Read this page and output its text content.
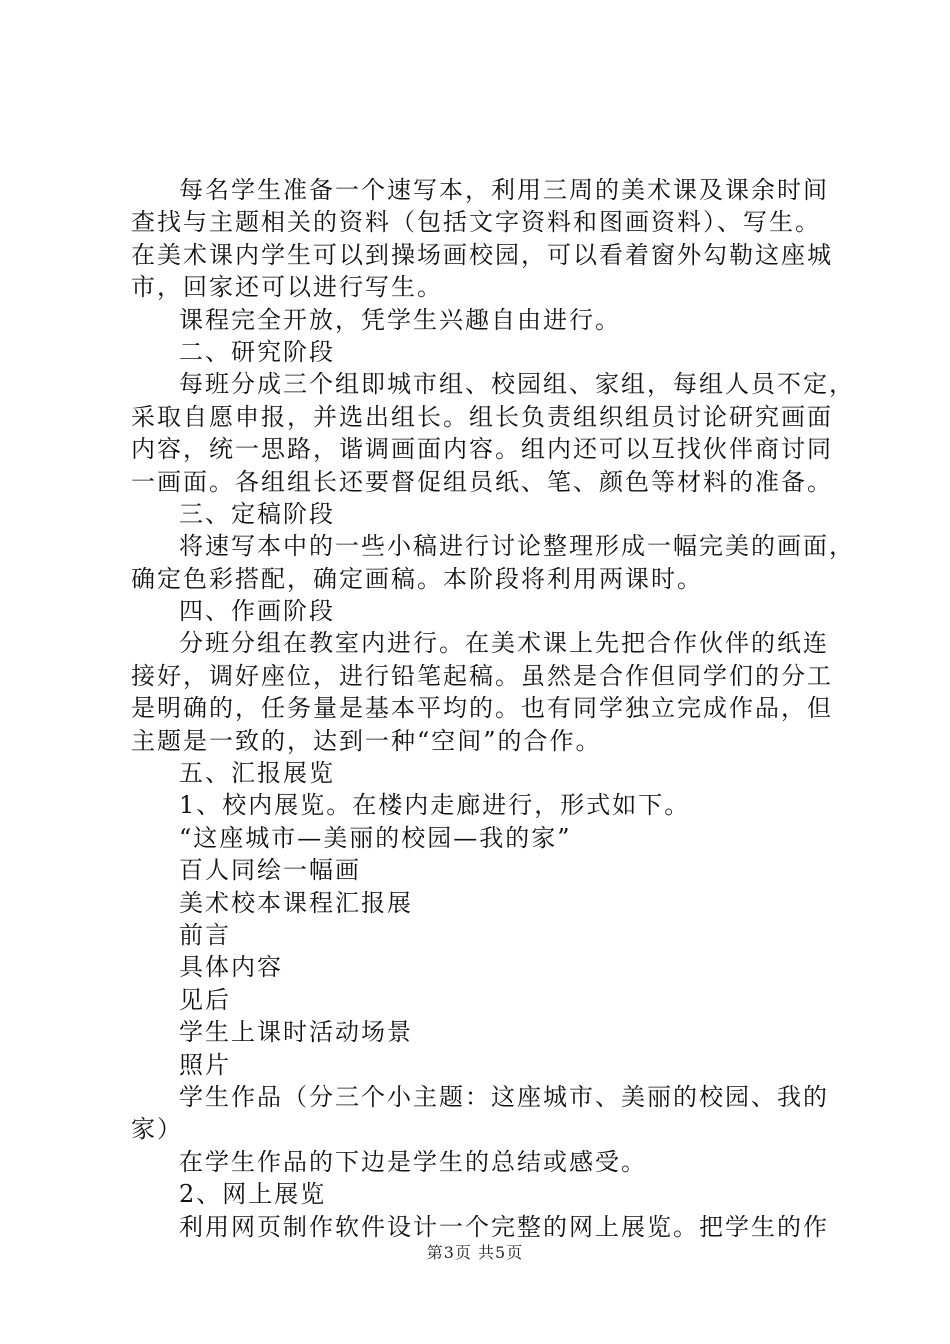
每名学生准备一个速写本，利用三周的美术课及课余时间
查找与主题相关的资料（包括文字资料和图画资料）、写生。
在美术课内学生可以到操场画校园，可以看着窗外勾勒这座城
市，回家还可以进行写生。
课程完全开放，凭学生兴趣自由进行。
二、研究阶段
每班分成三个组即城市组、校园组、家组，每组人员不定，
采取自愿申报，并选出组长。组长负责组织组员讨论研究画面
内容，统一思路，谐调画面内容。组内还可以互找伙伴商讨同
一画面。各组组长还要督促组员纸、笔、颜色等材料的准备。
三、定稿阶段
将速写本中的一些小稿进行讨论整理形成一幅完美的画面，
确定色彩搭配，确定画稿。本阶段将利用两课时。
四、作画阶段
分班分组在教室内进行。在美术课上先把合作伙伴的纸连
接好，调好座位，进行铅笔起稿。虽然是合作但同学们的分工
是明确的，任务量是基本平均的。也有同学独立完成作品，但
主题是一致的，达到一种“空间”的合作。
五、汇报展览
1、校内展览。在楼内走廊进行，形式如下。
“这座城市—美丽的校园—我的家”
百人同绘一幅画
美术校本课程汇报展
前言
具体内容
见后
学生上课时活动场景
照片
学生作品（分三个小主题：这座城市、美丽的校园、我的
家）
在学生作品的下边是学生的总结或感受。
2、网上展览
利用网页制作软件设计一个完整的网上展览。把学生的作
第3页 共5页
